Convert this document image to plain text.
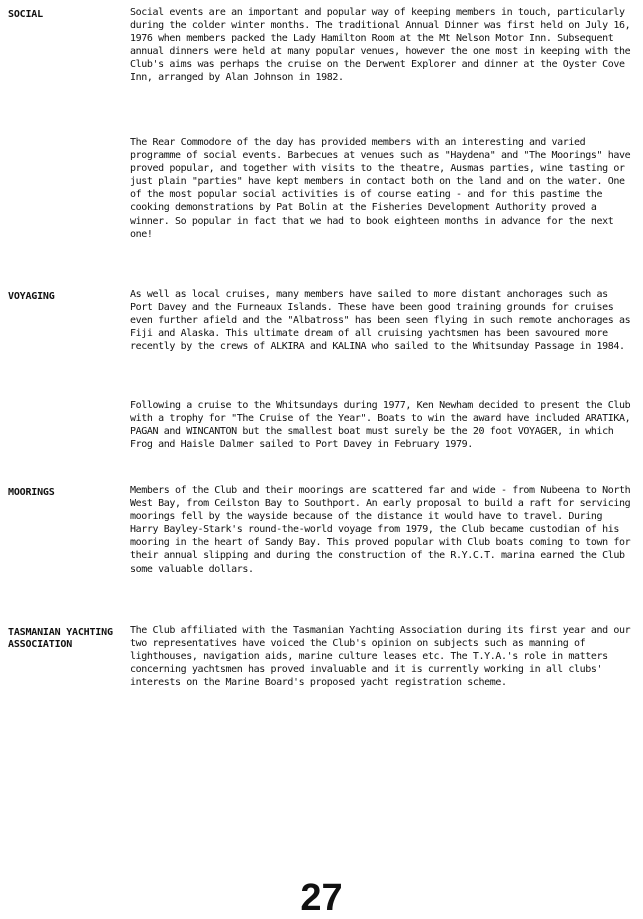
SOCIAL	Social events are an important and popular way of keeping members in touch, particularly during the colder winter months. The traditional Annual Dinner was first held on July 16, 1976 when members packed the Lady Hamilton Room at the Mt Nelson Motor Inn. Subsequent annual dinners were held at many popular venues, however the one most in keeping with the Club's aims was perhaps the cruise on the Derwent Explorer and dinner at the Oyster Cove Inn, arranged by Alan Johnson in 1982.

The Rear Commodore of the day has provided members with an interesting and varied programme of social events. Barbecues at venues such as "Haydena" and "The Moorings" have proved popular, and together with visits to the theatre, Ausmas parties, wine tasting or just plain "parties" have kept members in contact both on the land and on the water. One of the most popular social activities is of course eating - and for this pastime the cooking demonstrations by Pat Bolin at the Fisheries Development Authority proved a winner. So popular in fact that we had to book eighteen months in advance for the next one!

VOYAGING	As well as local cruises, many members have sailed to more distant anchorages such as Port Davey and the Furneaux Islands. These have been good training grounds for cruises even further afield and the "Albatross" has been seen flying in such remote anchorages as Fiji and Alaska. This ultimate dream of all cruising yachtsmen has been savoured more recently by the crews of ALKIRA and KALINA who sailed to the Whitsunday Passage in 1984.

Following a cruise to the Whitsundays during 1977, Ken Newham decided to present the Club with a trophy for "The Cruise of the Year". Boats to win the award have included ARATIKA, PAGAN and WINCANTON but the smallest boat must surely be the 20 foot VOYAGER, in which Frog and Haisle Dalmer sailed to Port Davey in February 1979.

MOORINGS	Members of the Club and their moorings are scattered far and wide - from Nubeena to North West Bay, from Ceilston Bay to Southport. An early proposal to build a raft for servicing moorings fell by the wayside because of the distance it would have to travel. During Harry Bayley-Stark's round-the-world voyage from 1979, the Club became custodian of his mooring in the heart of Sandy Bay. This proved popular with Club boats coming to town for their annual slipping and during the construction of the R.Y.C.T. marina earned the Club some valuable dollars.

TASMANIAN YACHTING ASSOCIATION

The Club affiliated with the Tasmanian Yachting Association during its first year and our two representatives have voiced the Club's opinion on subjects such as manning of lighthouses, navigation aids, marine culture leases etc. The T.Y.A.'s role in matters concerning yachtsmen has proved invaluable and it is currently working in all clubs' interests on the Marine Board's proposed yacht registration scheme.

27
